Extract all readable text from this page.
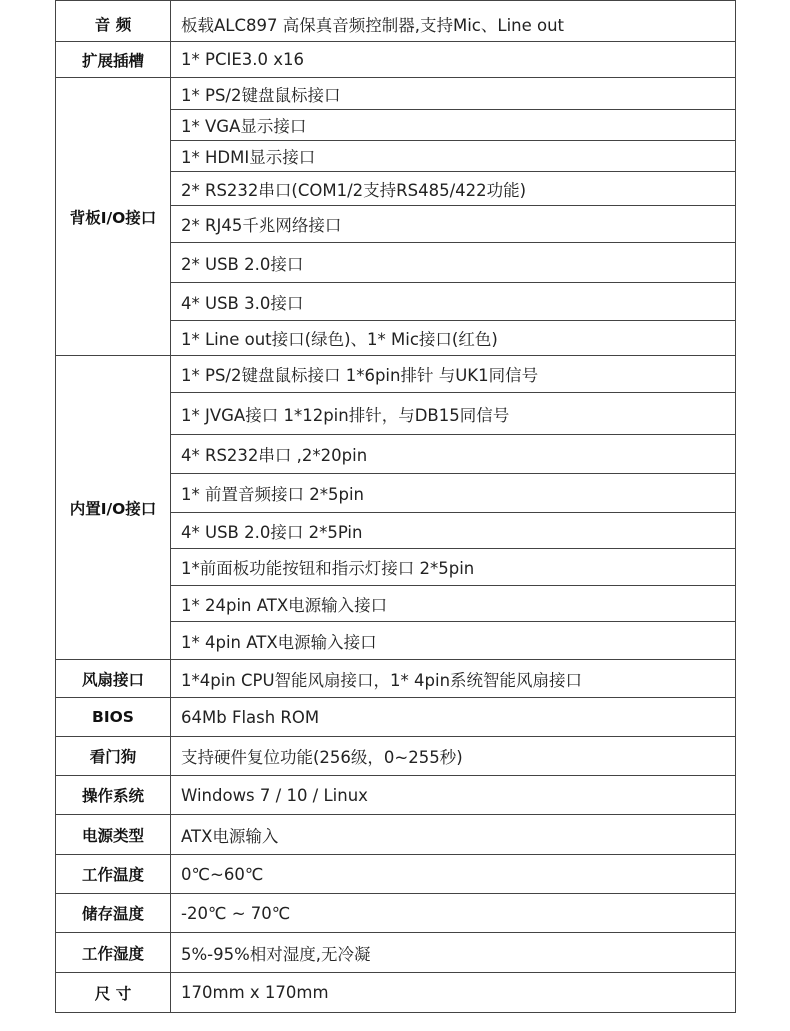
音 频	板载ALC897 高保真音频控制器,支持Mic、Line out
扩展插槽	1* PCIE3.0 x16
背板I/O接口	1* PS/2键盘鼠标接口
	1* VGA显示接口
	1* HDMI显示接口
	2* RS232串口(COM1/2支持RS485/422功能)
	2* RJ45千兆网络接口
	2* USB 2.0接口
	4* USB 3.0接口
	1* Line out接口(绿色)、1* Mic接口(红色)
内置I/O接口	1* PS/2键盘鼠标接口 1*6pin排针 与UK1同信号
	1* JVGA接口 1*12pin排针，与DB15同信号
	4* RS232串口 ,2*20pin
	1* 前置音频接口 2*5pin
	4* USB 2.0接口 2*5Pin
	1*前面板功能按钮和指示灯接口 2*5pin
	1* 24pin ATX电源输入接口
	1* 4pin ATX电源输入接口
风扇接口	1*4pin CPU智能风扇接口，1* 4pin系统智能风扇接口
BIOS	64Mb Flash ROM
看门狗	支持硬件复位功能(256级，0~255秒)
操作系统	Windows 7 / 10 / Linux
电源类型	ATX电源输入
工作温度	0℃~60℃
储存温度	-20℃ ~ 70℃
工作湿度	5%-95%相对湿度,无冷凝
尺 寸	170mm x 170mm
